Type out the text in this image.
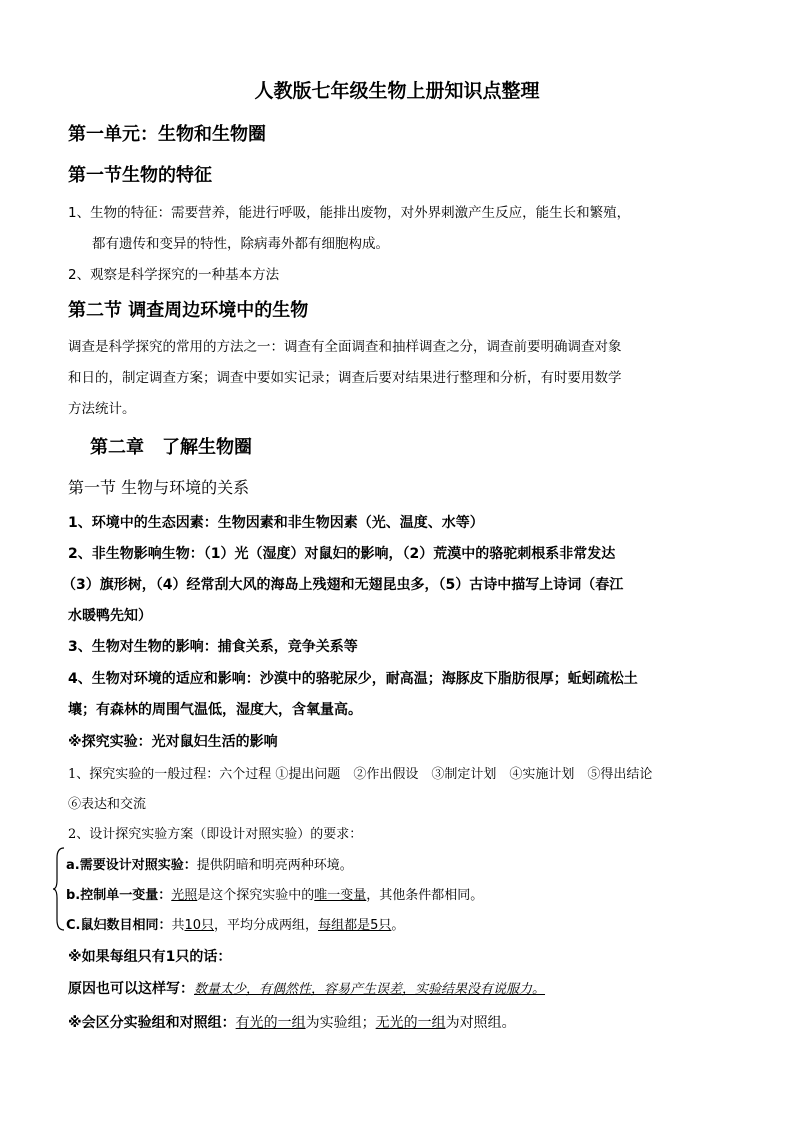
人教版七年级生物上册知识点整理
第一单元：生物和生物圈
第一节生物的特征
1、生物的特征：需要营养，能进行呼吸，能排出废物，对外界刺激产生反应，能生长和繁殖，
都有遗传和变异的特性，除病毒外都有细胞构成。
2、观察是科学探究的一种基本方法
第二节 调查周边环境中的生物
调查是科学探究的常用的方法之一：调查有全面调查和抽样调查之分，调查前要明确调查对象
和日的，制定调查方案；调查中要如实记录；调查后要对结果进行整理和分析，有时要用数学
方法统计。
第二章　了解生物圈
第一节 生物与环境的关系
1、环境中的生态因素：生物因素和非生物因素（光、温度、水等）
2、非生物影响生物：（1）光（湿度）对鼠妇的影响，（2）荒漠中的骆驼刺根系非常发达
（3）旗形树，（4）经常刮大风的海岛上残翅和无翅昆虫多，（5）古诗中描写上诗词（春江
水暖鸭先知）
3、生物对生物的影响：捕食关系，竞争关系等
4、生物对环境的适应和影响：沙漠中的骆驼尿少，耐高温；海豚皮下脂肪很厚；蚯蚓疏松土
壤；有森林的周围气温低，湿度大，含氧量高。
※探究实验：光对鼠妇生活的影响
1、探究实验的一般过程：六个过程 ①提出问题　②作出假设　③制定计划　④实施计划　⑤得出结论
⑥表达和交流
2、设计探究实验方案（即设计对照实验）的要求：
a.需要设计对照实验：提供阴暗和明亮两种环境。
b.控制单一变量：光照是这个探究实验中的唯一变量，其他条件都相同。
C.鼠妇数目相同：共10只，平均分成两组，每组都是5只。
※如果每组只有1只的话：
原因也可以这样写：数量太少，有偶然性，容易产生误差，实验结果没有说服力。
※会区分实验组和对照组：有光的一组为实验组；无光的一组为对照组。
